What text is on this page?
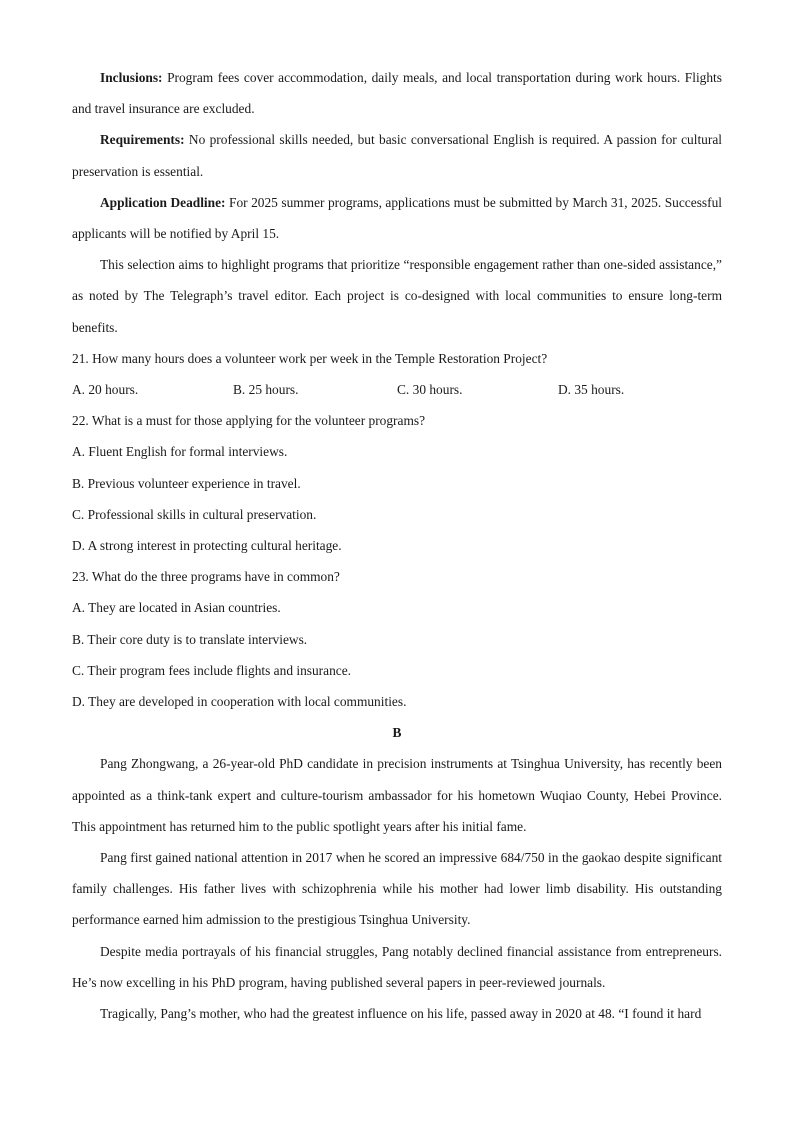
Inclusions: Program fees cover accommodation, daily meals, and local transportation during work hours. Flights and travel insurance are excluded.

Requirements: No professional skills needed, but basic conversational English is required. A passion for cultural preservation is essential.

Application Deadline: For 2025 summer programs, applications must be submitted by March 31, 2025. Successful applicants will be notified by April 15.

This selection aims to highlight programs that prioritize “responsible engagement rather than one-sided assistance,” as noted by The Telegraph’s travel editor. Each project is co-designed with local communities to ensure long-term benefits.

21. How many hours does a volunteer work per week in the Temple Restoration Project?

A. 20 hours.	B. 25 hours.	C. 30 hours.	D. 35 hours.

22. What is a must for those applying for the volunteer programs?

A. Fluent English for formal interviews.

B. Previous volunteer experience in travel.

C. Professional skills in cultural preservation.

D. A strong interest in protecting cultural heritage.

23. What do the three programs have in common?

A. They are located in Asian countries.

B. Their core duty is to translate interviews.

C. Their program fees include flights and insurance.

D. They are developed in cooperation with local communities.

B

Pang Zhongwang, a 26-year-old PhD candidate in precision instruments at Tsinghua University, has recently been appointed as a think-tank expert and culture-tourism ambassador for his hometown Wuqiao County, Hebei Province. This appointment has returned him to the public spotlight years after his initial fame.

Pang first gained national attention in 2017 when he scored an impressive 684/750 in the gaokao despite significant family challenges. His father lives with schizophrenia while his mother had lower limb disability. His outstanding performance earned him admission to the prestigious Tsinghua University.

Despite media portrayals of his financial struggles, Pang notably declined financial assistance from entrepreneurs. He’s now excelling in his PhD program, having published several papers in peer-reviewed journals.

Tragically, Pang’s mother, who had the greatest influence on his life, passed away in 2020 at 48. “I found it hard
